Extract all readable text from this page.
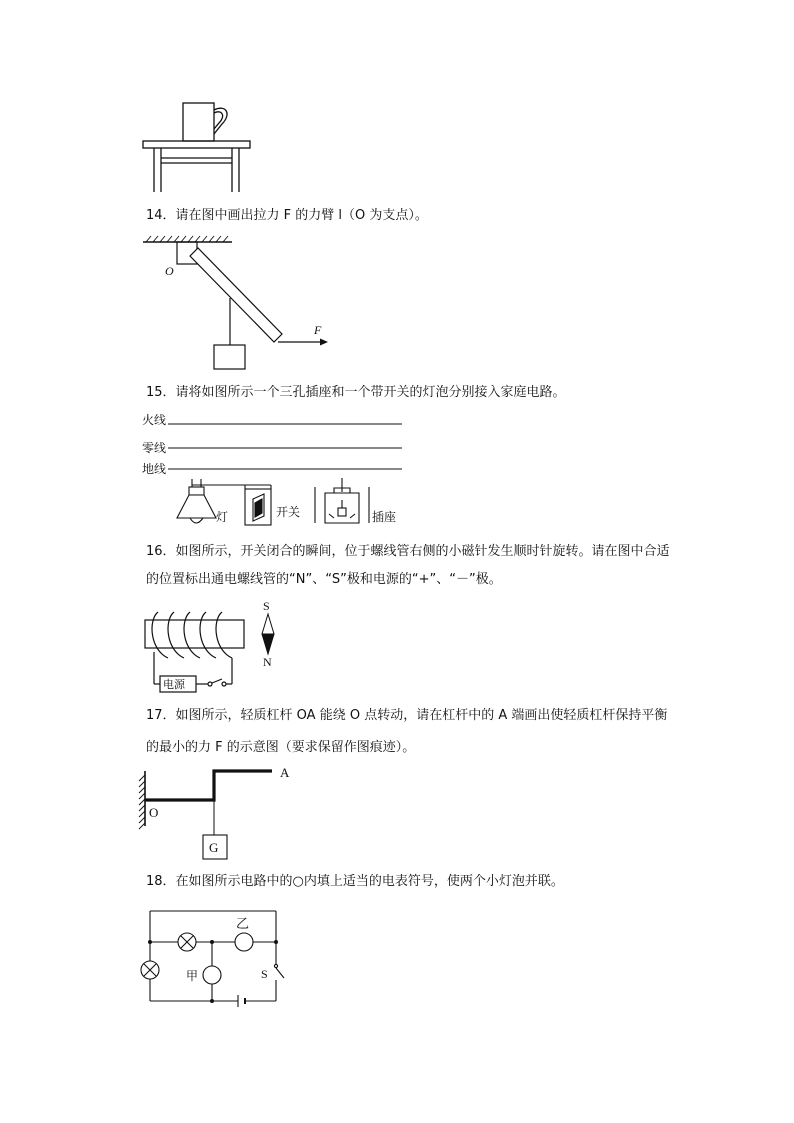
14．请在图中画出拉力 F 的力臂 l（O 为支点）。
O
F
15．请将如图所示一个三孔插座和一个带开关的灯泡分别接入家庭电路。
火线
零线
地线
灯	开关	插座
16．如图所示，开关闭合的瞬间，位于螺线管右侧的小磁针发生顺时针旋转。请在图中合适
的位置标出通电螺线管的“N”、“S”极和电源的“+”、“－”极。
电源
S
N
17．如图所示，轻质杠杆 OA 能绕 O 点转动，请在杠杆中的 A 端画出使轻质杠杆保持平衡
的最小的力 F 的示意图（要求保留作图痕迹）。
A
O
G
18．在如图所示电路中的○内填上适当的电表符号，使两个小灯泡并联。
乙
甲	S
